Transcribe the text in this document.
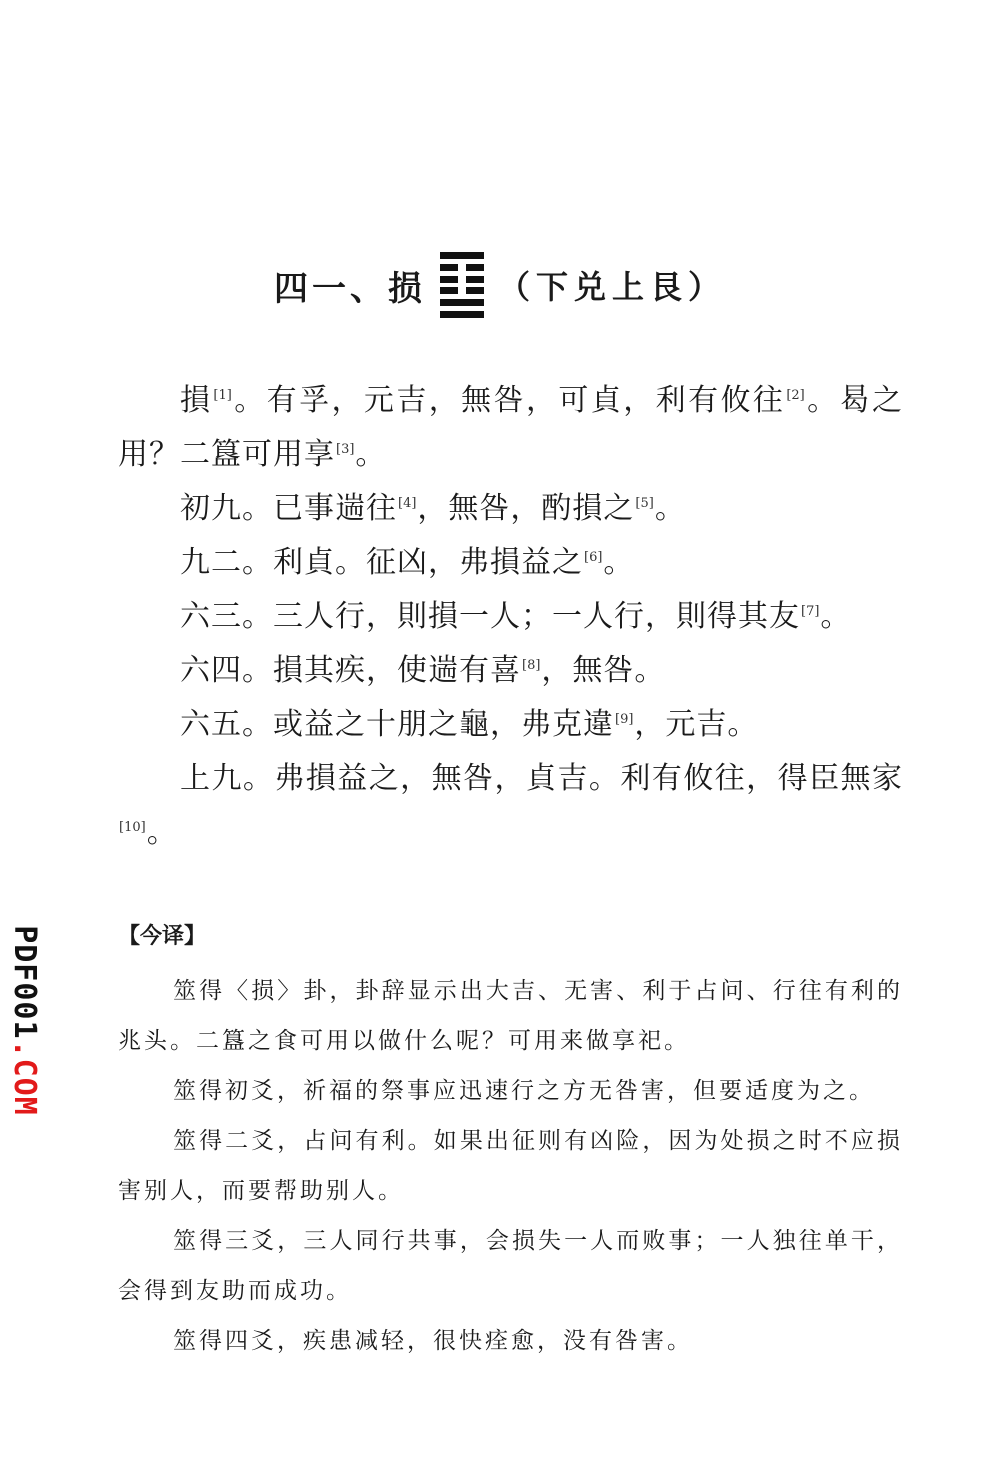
四一、损 （下兑上艮）

損[1]。有孚，元吉，無咎，可貞，利有攸往[2]。曷之用？二簋可用享[3]。

初九。已事遄往[4]，無咎，酌損之[5]。

九二。利貞。征凶，弗損益之[6]。

六三。三人行，則損一人；一人行，則得其友[7]。

六四。損其疾，使遄有喜[8]，無咎。

六五。或益之十朋之龜，弗克違[9]，元吉。

上九。弗損益之，無咎，貞吉。利有攸往，得臣無家[10]。

【今译】

筮得〈损〉卦，卦辞显示出大吉、无害、利于占问、行往有利的兆头。二簋之食可用以做什么呢？可用来做享祀。

筮得初爻，祈福的祭事应迅速行之方无咎害，但要适度为之。

筮得二爻，占问有利。如果出征则有凶险，因为处损之时不应损害别人，而要帮助别人。

筮得三爻，三人同行共事，会损失一人而败事；一人独往单干，会得到友助而成功。

筮得四爻，疾患减轻，很快痊愈，没有咎害。

PDF001.COM
